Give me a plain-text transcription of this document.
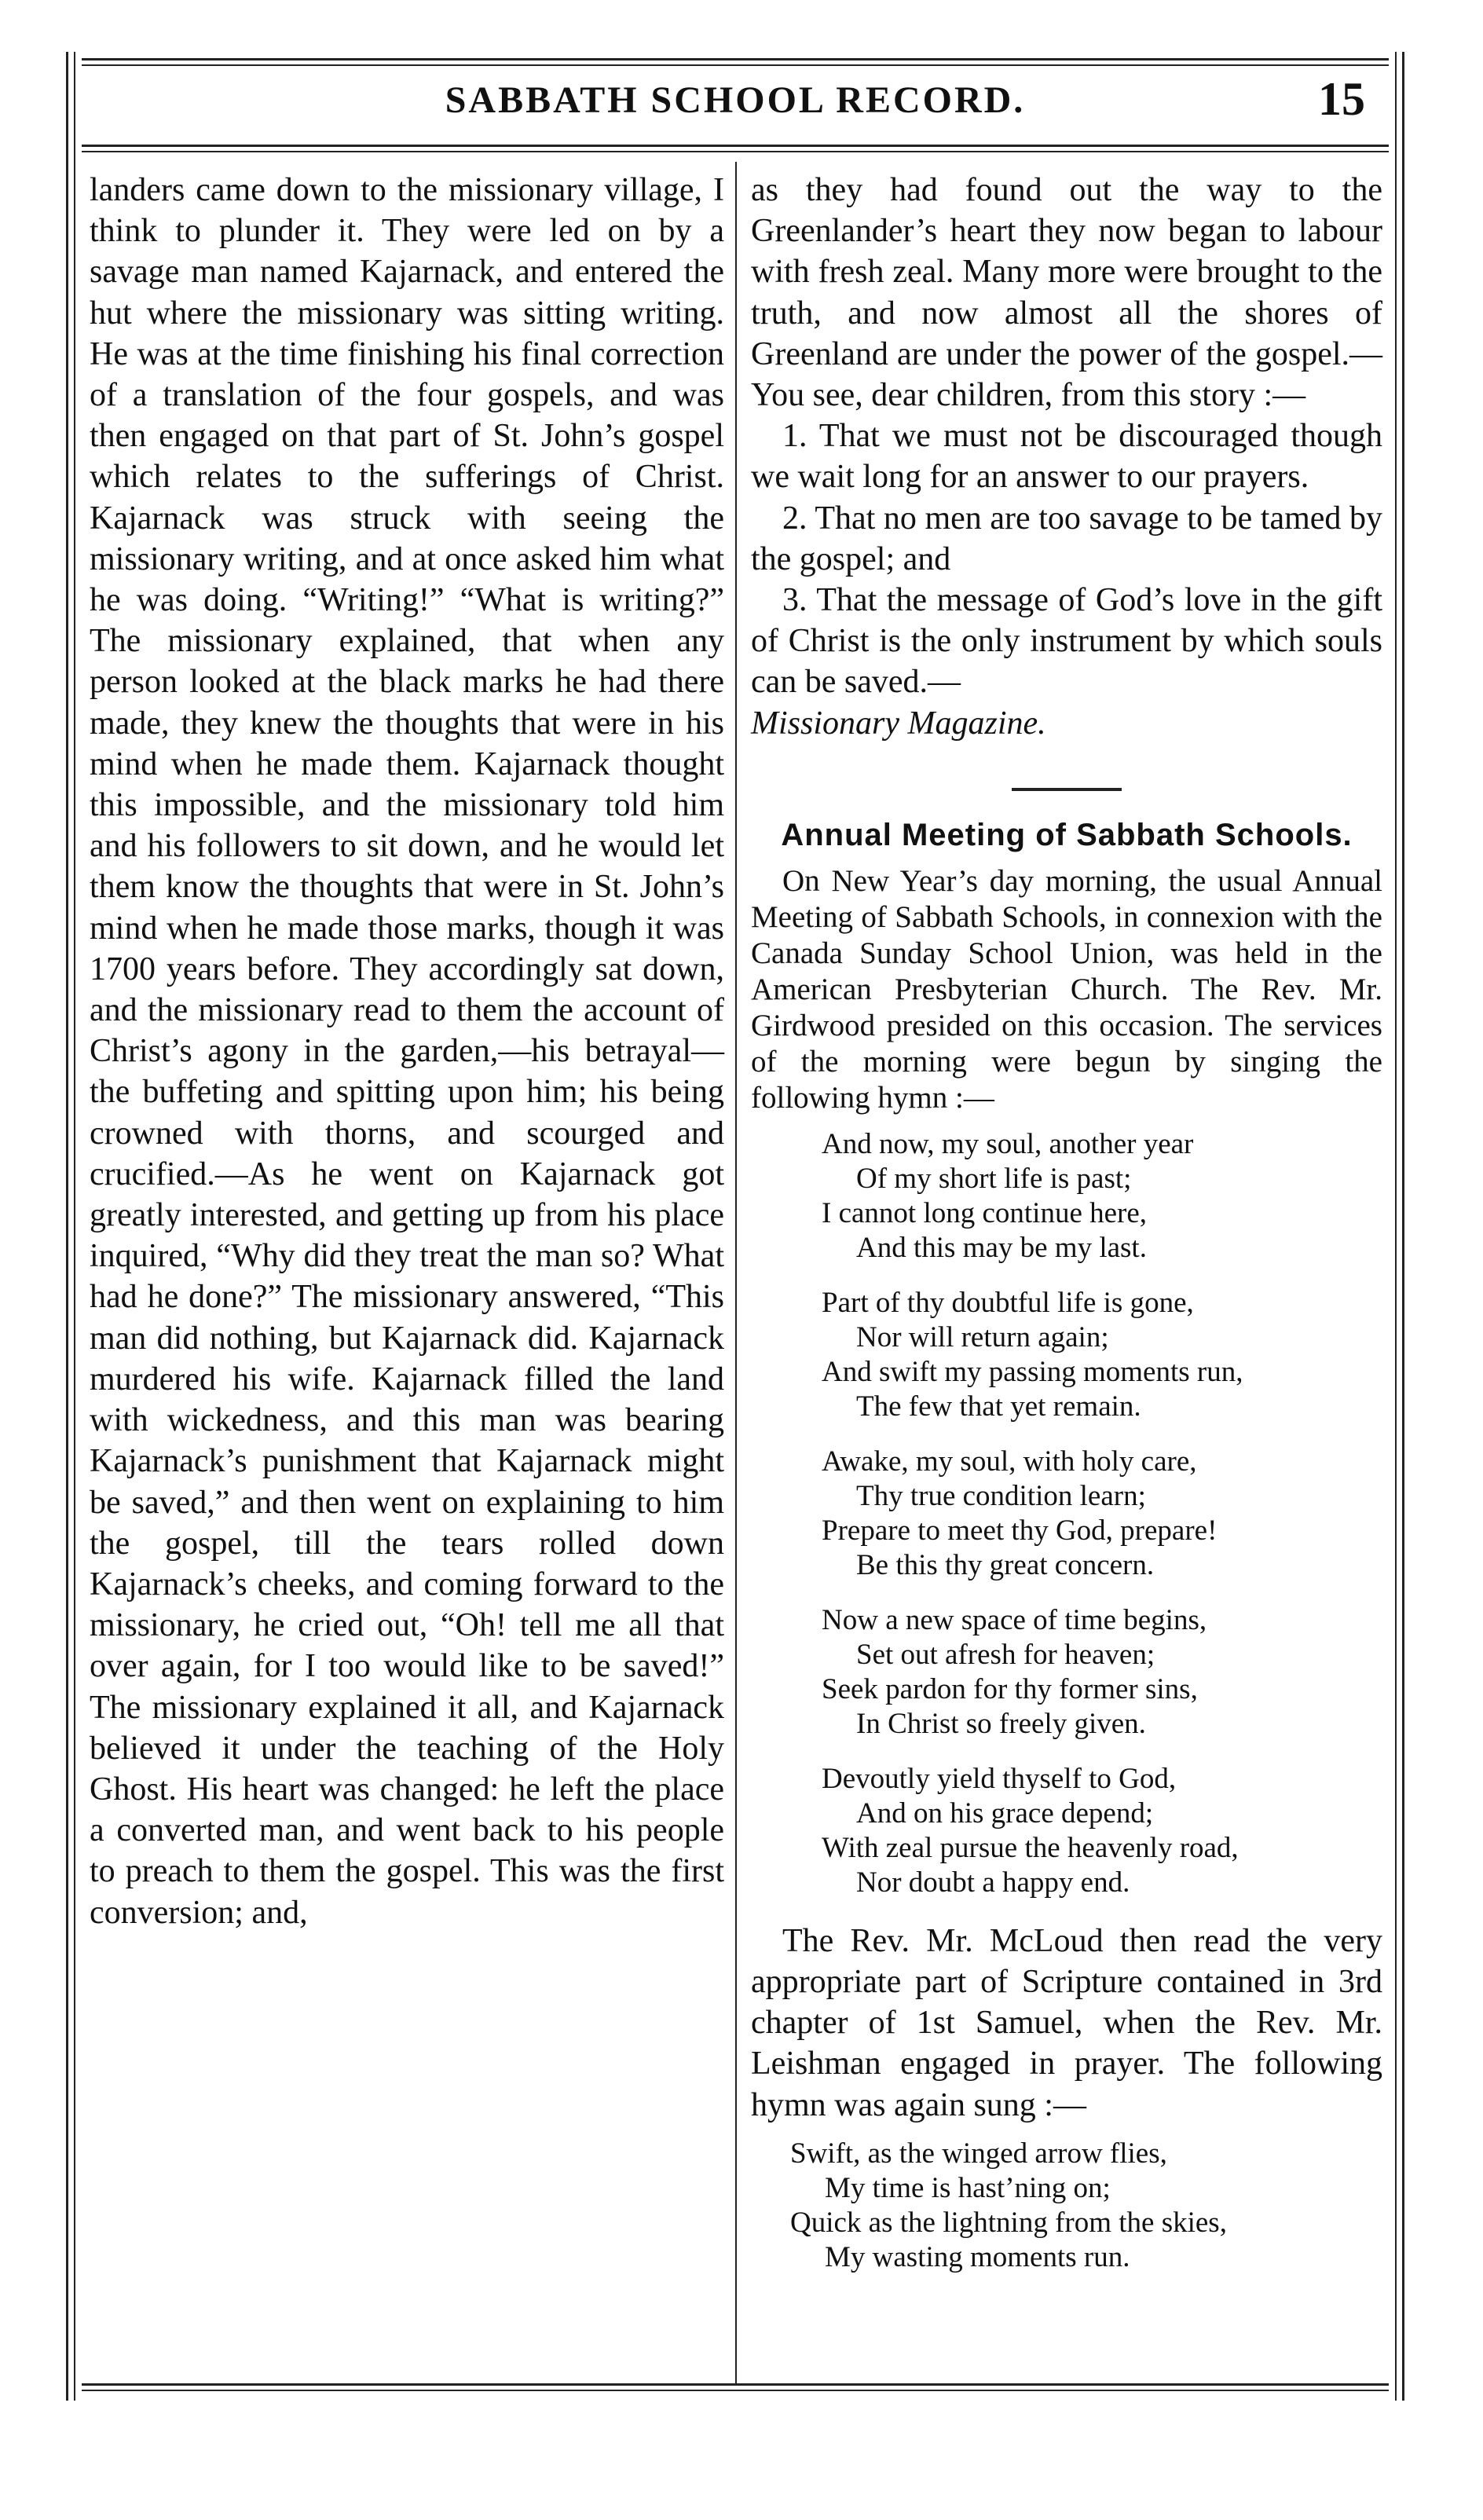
SABBATH SCHOOL RECORD.	15

landers came down to the missionary village, I think to plunder it. They were led on by a savage man named Kajarnack, and entered the hut where the missionary was sitting writing. He was at the time finishing his final correction of a translation of the four gospels, and was then engaged on that part of St. John’s gospel which relates to the sufferings of Christ. Kajarnack was struck with seeing the missionary writing, and at once asked him what he was doing. “Writing!” “What is writing?” The missionary explained, that when any person looked at the black marks he had there made, they knew the thoughts that were in his mind when he made them. Kajarnack thought this impossible, and the missionary told him and his followers to sit down, and he would let them know the thoughts that were in St. John’s mind when he made those marks, though it was 1700 years before. They accordingly sat down, and the missionary read to them the account of Christ’s agony in the garden,—his betrayal—the buffeting and spitting upon him; his being crowned with thorns, and scourged and crucified.—As he went on Kajarnack got greatly interested, and getting up from his place inquired, “Why did they treat the man so? What had he done?” The missionary answered, “This man did nothing, but Kajarnack did. Kajarnack murdered his wife. Kajarnack filled the land with wickedness, and this man was bearing Kajarnack’s punishment that Kajarnack might be saved,” and then went on explaining to him the gospel, till the tears rolled down Kajarnack’s cheeks, and coming forward to the missionary, he cried out, “Oh! tell me all that over again, for I too would like to be saved!” The missionary explained it all, and Kajarnack believed it under the teaching of the Holy Ghost. His heart was changed: he left the place a converted man, and went back to his people to preach to them the gospel. This was the first conversion; and,

as they had found out the way to the Greenlander’s heart they now began to labour with fresh zeal. Many more were brought to the truth, and now almost all the shores of Greenland are under the power of the gospel.—You see, dear children, from this story :—

1. That we must not be discouraged though we wait long for an answer to our prayers.

2. That no men are too savage to be tamed by the gospel; and

3. That the message of God’s love in the gift of Christ is the only instrument by which souls can be saved.—

Missionary Magazine.

Annual Meeting of Sabbath Schools.

On New Year’s day morning, the usual Annual Meeting of Sabbath Schools, in connexion with the Canada Sunday School Union, was held in the American Presbyterian Church. The Rev. Mr. Girdwood presided on this occasion. The services of the morning were begun by singing the following hymn :—

And now, my soul, another year
Of my short life is past;
I cannot long continue here,
And this may be my last.
Part of thy doubtful life is gone,
Nor will return again;
And swift my passing moments run,
The few that yet remain.
Awake, my soul, with holy care,
Thy true condition learn;
Prepare to meet thy God, prepare!
Be this thy great concern.
Now a new space of time begins,
Set out afresh for heaven;
Seek pardon for thy former sins,
In Christ so freely given.
Devoutly yield thyself to God,
And on his grace depend;
With zeal pursue the heavenly road,
Nor doubt a happy end.

The Rev. Mr. McLoud then read the very appropriate part of Scripture contained in 3rd chapter of 1st Samuel, when the Rev. Mr. Leishman engaged in prayer. The following hymn was again sung :—

Swift, as the winged arrow flies,
My time is hast’ning on;
Quick as the lightning from the skies,
My wasting moments run.
